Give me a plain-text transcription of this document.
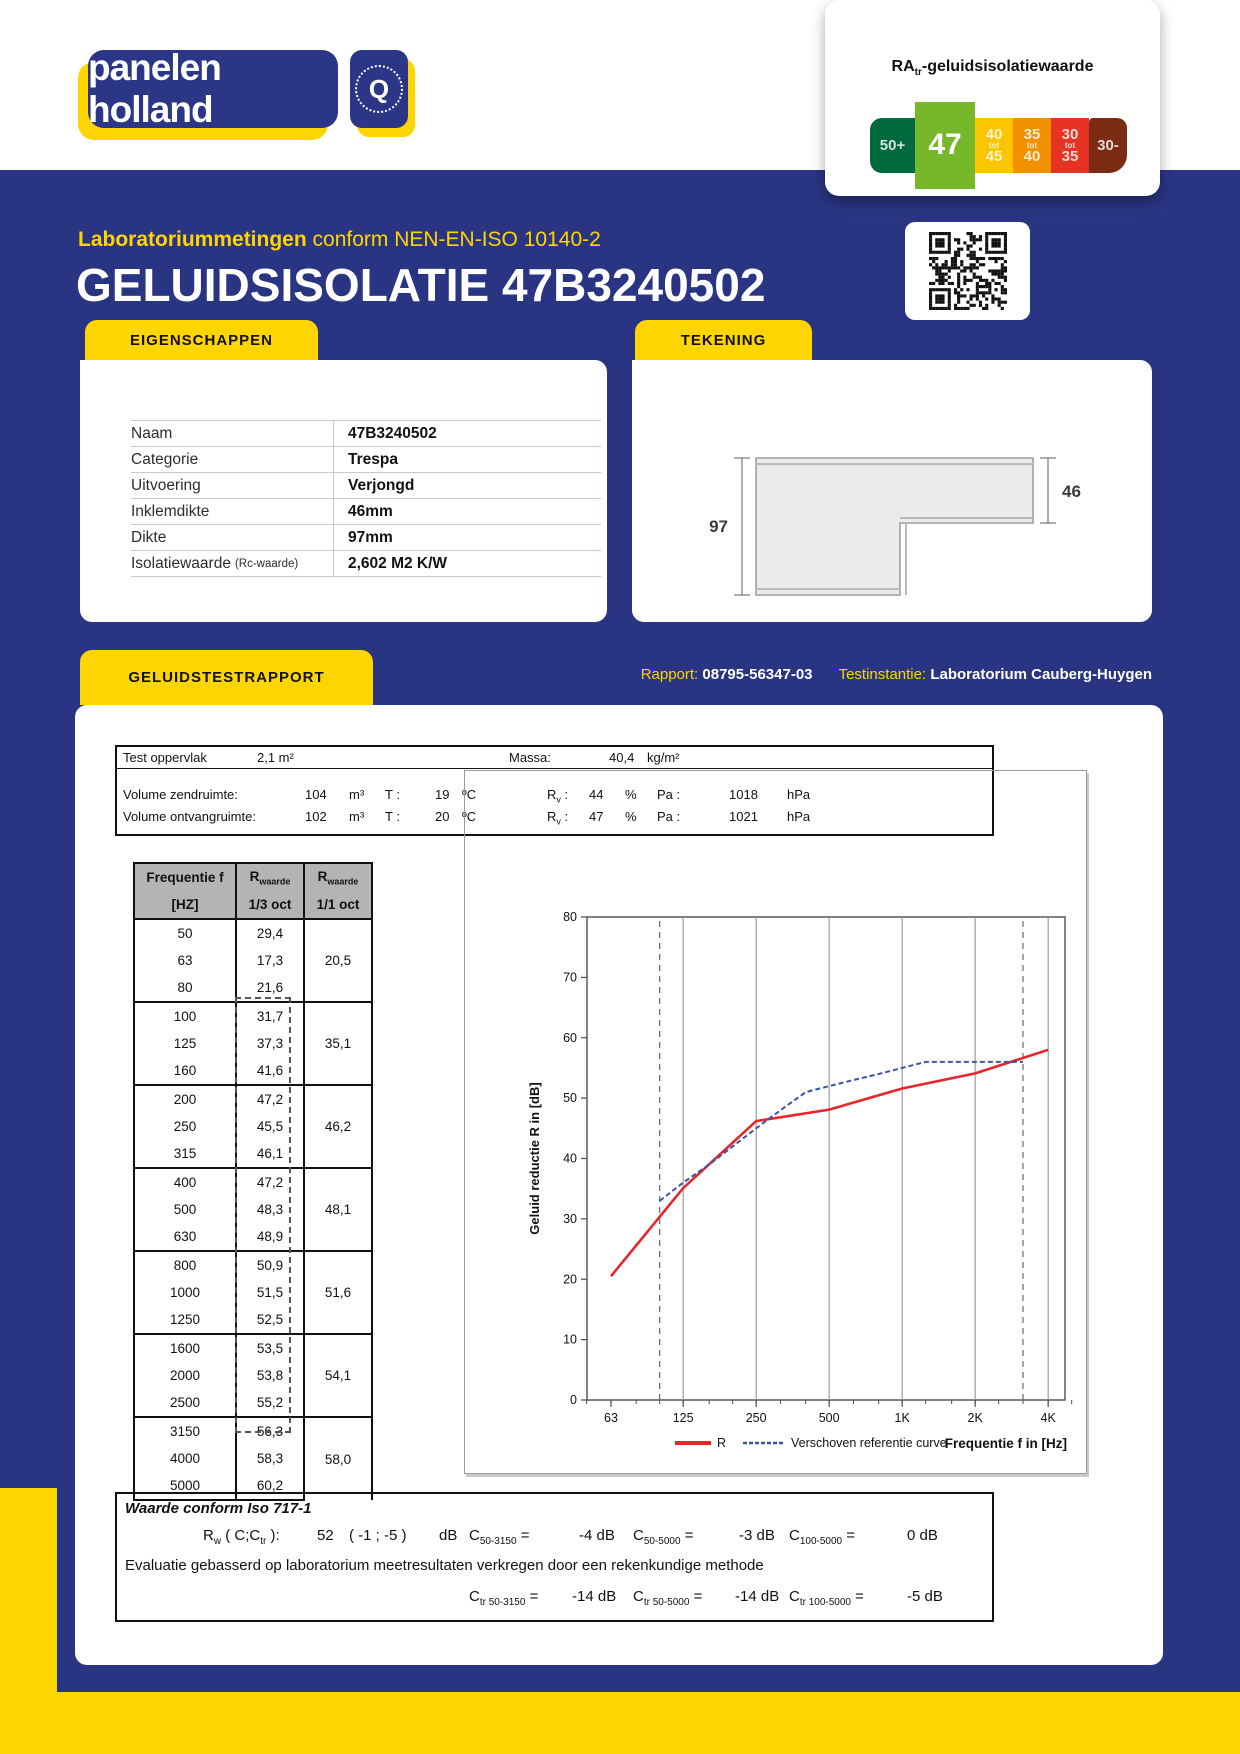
panelen holland
Q
$RA_{tr}$-geluidsisolatiewaarde
50+ 47 40
tot
45
35
tot
40
30
tot
35
30-
Laboratoriummetingen conform NEN-EN-ISO 10140-2
GELUIDSISOLATIE 47B3240502
EIGENSCHAPPEN
Naam	47B3240502
Categorie	Trespa
Uitvoering	Verjongd
Inklemdikte	46mm
Dikte	97mm
Isolatiewaarde (Rc-waarde)	2,602 M2 K/W
TEKENING
97
46
GELUIDSTESTRAPPORT	Rapport: 08795-56347-03 Testinstantie: Laboratorium Cauberg-Huygen
Test oppervlak	2,1 m²	Massa:	40,4 kg/m²
Volume zendruimte:	104 m³ T :	19 ºC	$R_v$ : 44 % Pa :	1018 hPa
Volume ontvangruimte:	102 m³ T :	20 ºC	$R_v$ : 47 % Pa :	1021 hPa
Frequentie f	$R_{waarde}$	$R_{waarde}$
[HZ]	1/3 oct	1/1 oct
50	29,4	20,5
63	17,3	
80	21,6	
100	31,7	35,1
125	37,3	
160	41,6	
200	47,2	46,2
250	45,5	
315	46,1	
400	47,2	48,1
500	48,3	
630	48,9	
800	50,9	51,6
1000	51,5	
1250	52,5	
1600	53,5	54,1
2000	53,8	
2500	55,2	
3150	56,3	58,0
4000	58,3	
5000	60,2	
0
10
20
30
40
50
60
70
80
63	125	250	500	1K	2K	4K
Frequentie f in [Hz]
Geluid reductie R in [dB]
R	Verschoven referentie curve
Waarde conform Iso 717-1
$R_w$ ( $C;C_{tr}$ ): 52 ( -1 ; -5 ) dB $C_{50-3150}$ =	-4 dB $C_{50-5000}$ =	-3 dB $C_{100-5000}$ =	0 dB
Evaluatie gebasserd op laboratorium meetresultaten verkregen door een rekenkundige methode
$C_{tr 50-3150} = -14$ dB $C_{tr 50-5000} = -14$ dB $C_{tr 100-5000}$ =	-5 dB
